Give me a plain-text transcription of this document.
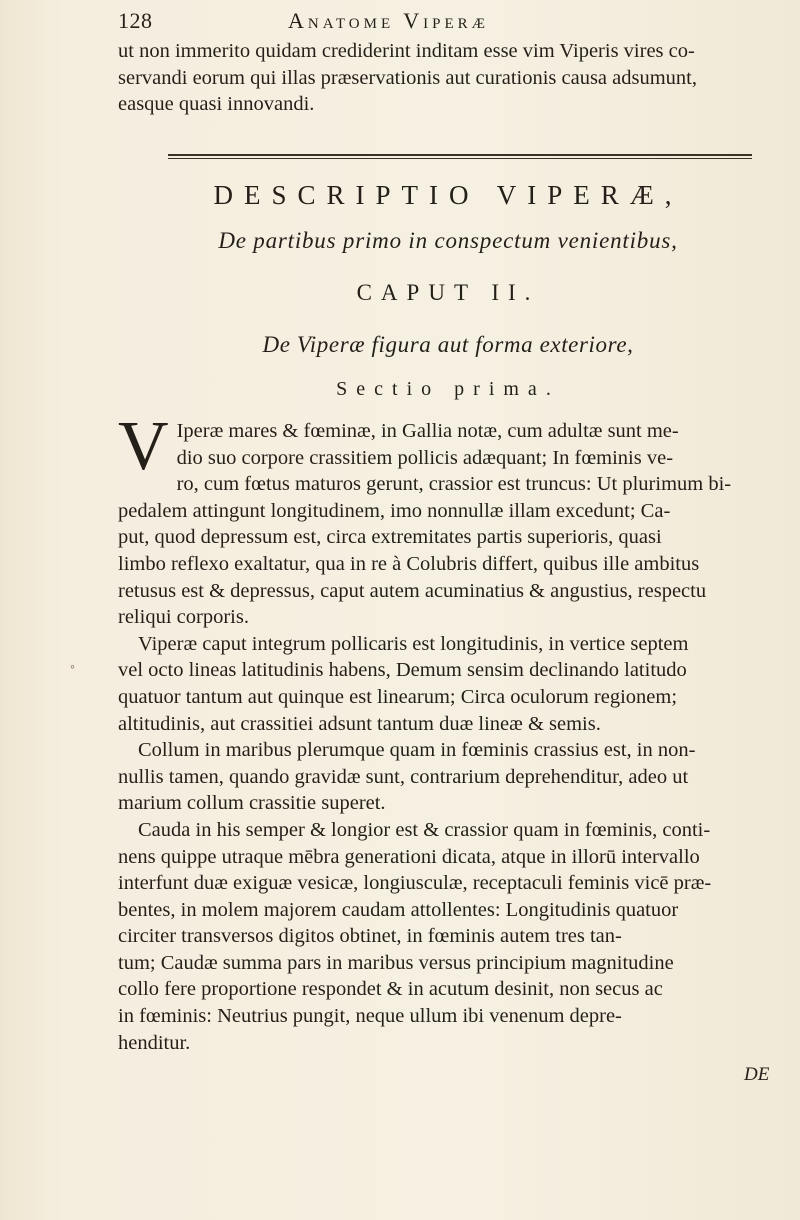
128	Anatome Viperæ

ut non immerito quidam crediderint inditam esse vim Viperis vires co-

servandi eorum qui illas præservationis aut curationis causa adsumunt,

easque quasi innovandi.

DESCRIPTIO VIPERÆ,
De partibus primo in conspectum venientibus,
CAPUT II.
De Viperæ figura aut forma exteriore,
Sectio prima.
V Iperæ mares & fœminæ, in Gallia notæ, cum adultæ sunt me-

dio suo corpore crassitiem pollicis adæquant; In fœminis ve-

ro, cum fœtus maturos gerunt, crassior est truncus: Ut plurimum bi-

pedalem attingunt longitudinem, imo nonnullæ illam excedunt; Ca-

put, quod depressum est, circa extremitates partis superioris, quasi

limbo reflexo exaltatur, qua in re à Colubris differt, quibus ille ambitus

retusus est & depressus, caput autem acuminatius & angustius, respectu

reliqui corporis.

Viperæ caput integrum pollicaris est longitudinis, in vertice septem

vel octo lineas latitudinis habens, Demum sensim declinando latitudo

quatuor tantum aut quinque est linearum; Circa oculorum regionem;

altitudinis, aut crassitiei adsunt tantum duæ lineæ & semis.

Collum in maribus plerumque quam in fœminis crassius est, in non-

nullis tamen, quando gravidæ sunt, contrarium deprehenditur, adeo ut

marium collum crassitie superet.

Cauda in his semper & longior est & crassior quam in fœminis, conti-

nens quippe utraque mēbra generationi dicata, atque in illorū intervallo

interfunt duæ exiguæ vesicæ, longiusculæ, receptaculi feminis vicē præ-

bentes, in molem majorem caudam attollentes: Longitudinis quatuor

circiter transversos digitos obtinet, in fœminis autem tres tan-

tum; Caudæ summa pars in maribus versus principium magnitudine

collo fere proportione respondet & in acutum desinit, non secus ac

in fœminis: Neutrius pungit, neque ullum ibi venenum depre-

henditur.

◦
DE
